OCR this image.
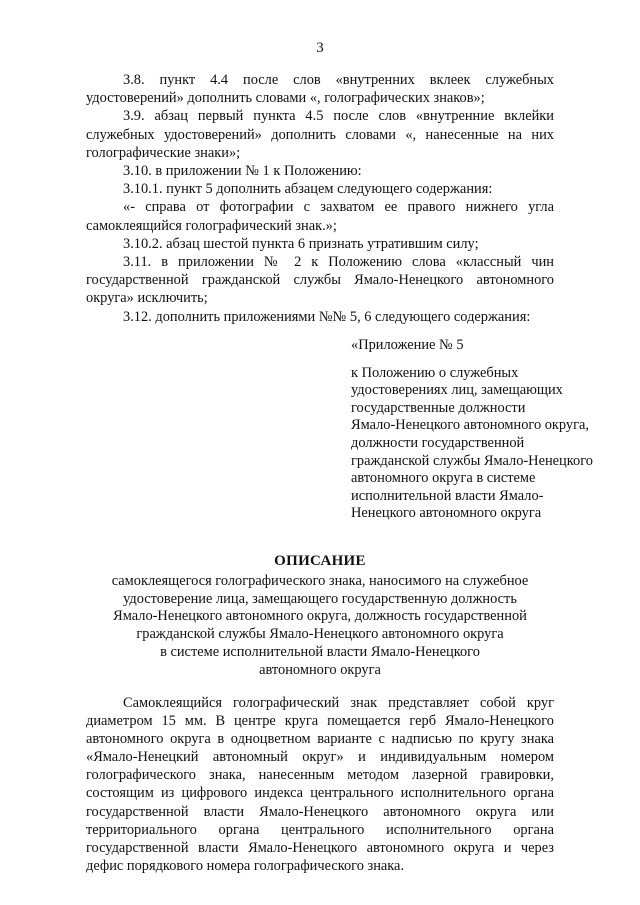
3

3.8. пункт 4.4 после слов «внутренних вклеек служебных удостоверений» дополнить словами «, голографических знаков»;

3.9. абзац первый пункта 4.5 после слов «внутренние вклейки служебных удостоверений» дополнить словами «, нанесенные на них голографические знаки»;

3.10. в приложении № 1 к Положению:

3.10.1. пункт 5 дополнить абзацем следующего содержания:

«- справа от фотографии с захватом ее правого нижнего угла самоклеящийся голографический знак.»;

3.10.2. абзац шестой пункта 6 признать утратившим силу;

3.11. в приложении № 2 к Положению слова «классный чин государственной гражданской службы Ямало-Ненецкого автономного округа» исключить;

3.12. дополнить приложениями №№ 5, 6 следующего содержания:

«Приложение № 5
к Положению о служебных
удостоверениях лиц, замещающих
государственные должности
Ямало-Ненецкого автономного округа,
должности государственной
гражданской службы Ямало-Ненецкого
автономного округа в системе
исполнительной власти Ямало-
Ненецкого автономного округа
ОПИСАНИЕ
самоклеящегося голографического знака, наносимого на служебное
удостоверение лица, замещающего государственную должность
Ямало-Ненецкого автономного округа, должность государственной
гражданской службы Ямало-Ненецкого автономного округа
в системе исполнительной власти Ямало-Ненецкого
автономного округа

Самоклеящийся голографический знак представляет собой круг диаметром 15 мм. В центре круга помещается герб Ямало-Ненецкого автономного округа в одноцветном варианте с надписью по кругу знака «Ямало-Ненецкий автономный округ» и индивидуальным номером голографического знака, нанесенным методом лазерной гравировки, состоящим из цифрового индекса центрального исполнительного органа государственной власти Ямало-Ненецкого автономного округа или территориального органа центрального исполнительного органа государственной власти Ямало-Ненецкого автономного округа и через дефис порядкового номера голографического знака.
